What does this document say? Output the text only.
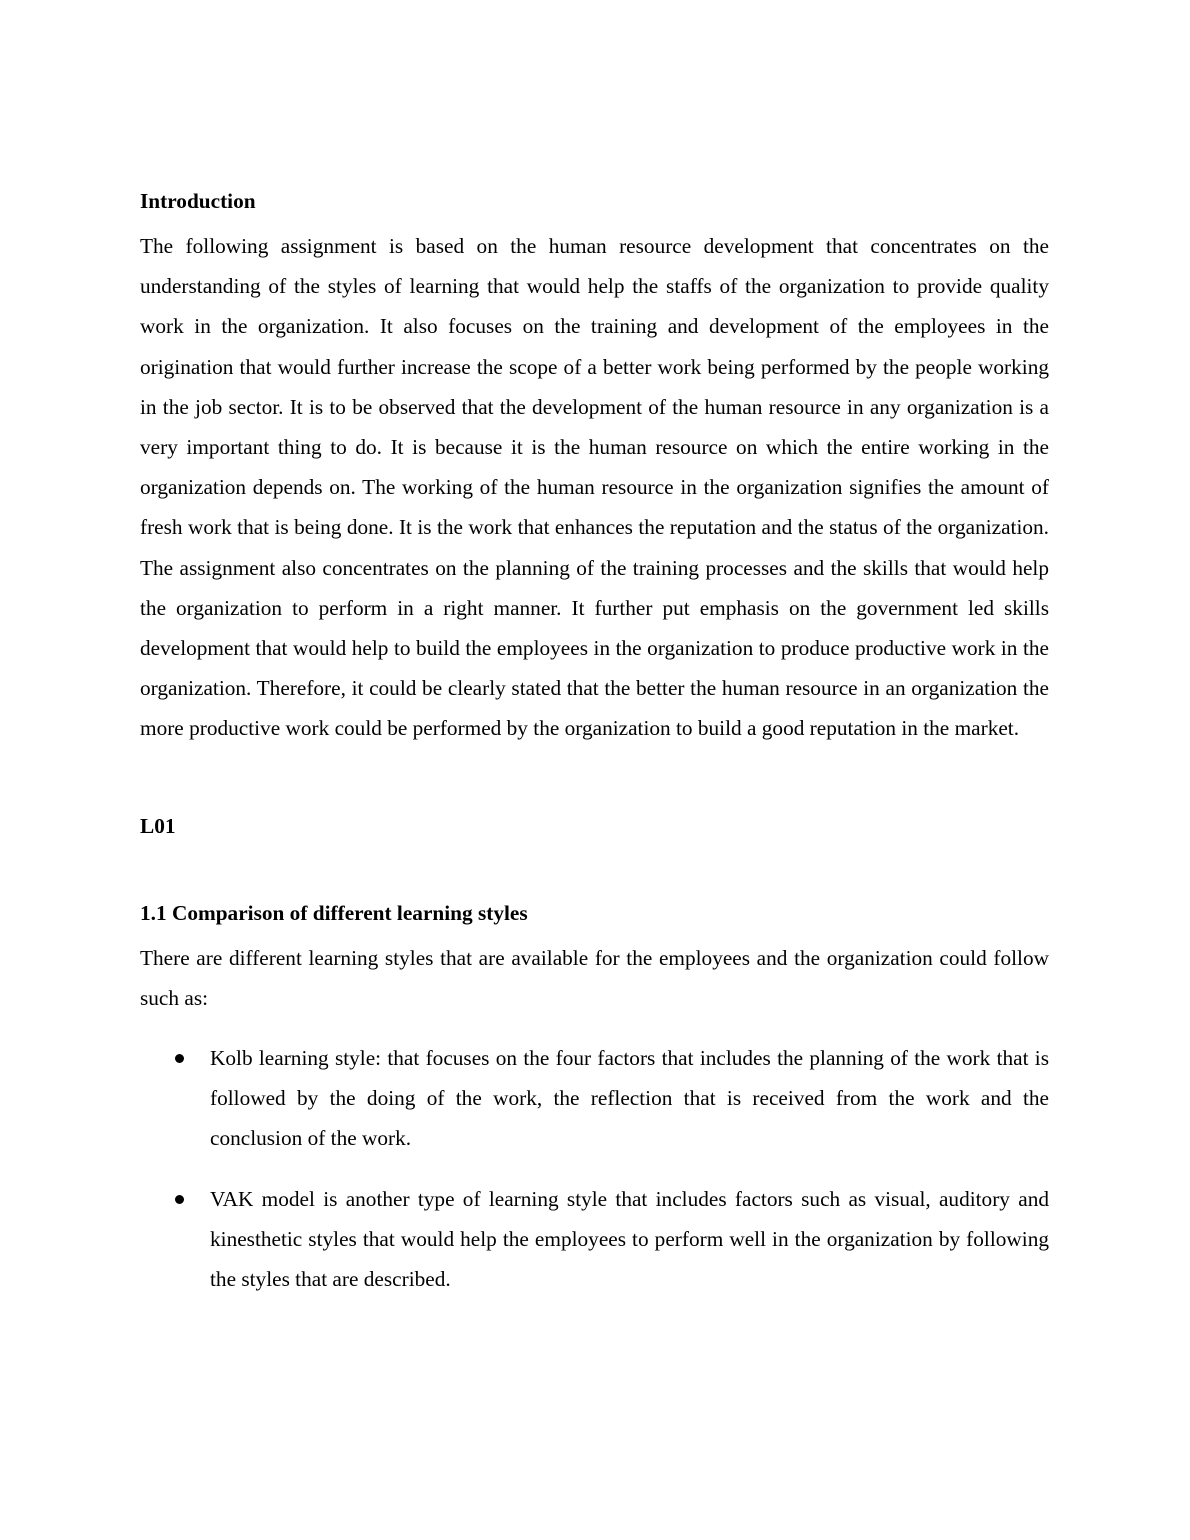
Introduction

The following assignment is based on the human resource development that concentrates on the understanding of the styles of learning that would help the staffs of the organization to provide quality work in the organization. It also focuses on the training and development of the employees in the origination that would further increase the scope of a better work being performed by the people working in the job sector. It is to be observed that the development of the human resource in any organization is a very important thing to do. It is because it is the human resource on which the entire working in the organization depends on. The working of the human resource in the organization signifies the amount of fresh work that is being done. It is the work that enhances the reputation and the status of the organization. The assignment also concentrates on the planning of the training processes and the skills that would help the organization to perform in a right manner. It further put emphasis on the government led skills development that would help to build the employees in the organization to produce productive work in the organization. Therefore, it could be clearly stated that the better the human resource in an organization the more productive work could be performed by the organization to build a good reputation in the market.

L01
1.1 Comparison of different learning styles

There are different learning styles that are available for the employees and the organization could follow such as:

Kolb learning style: that focuses on the four factors that includes the planning of the work that is followed by the doing of the work, the reflection that is received from the work and the conclusion of the work.
VAK model is another type of learning style that includes factors such as visual, auditory and kinesthetic styles that would help the employees to perform well in the organization by following the styles that are described.
